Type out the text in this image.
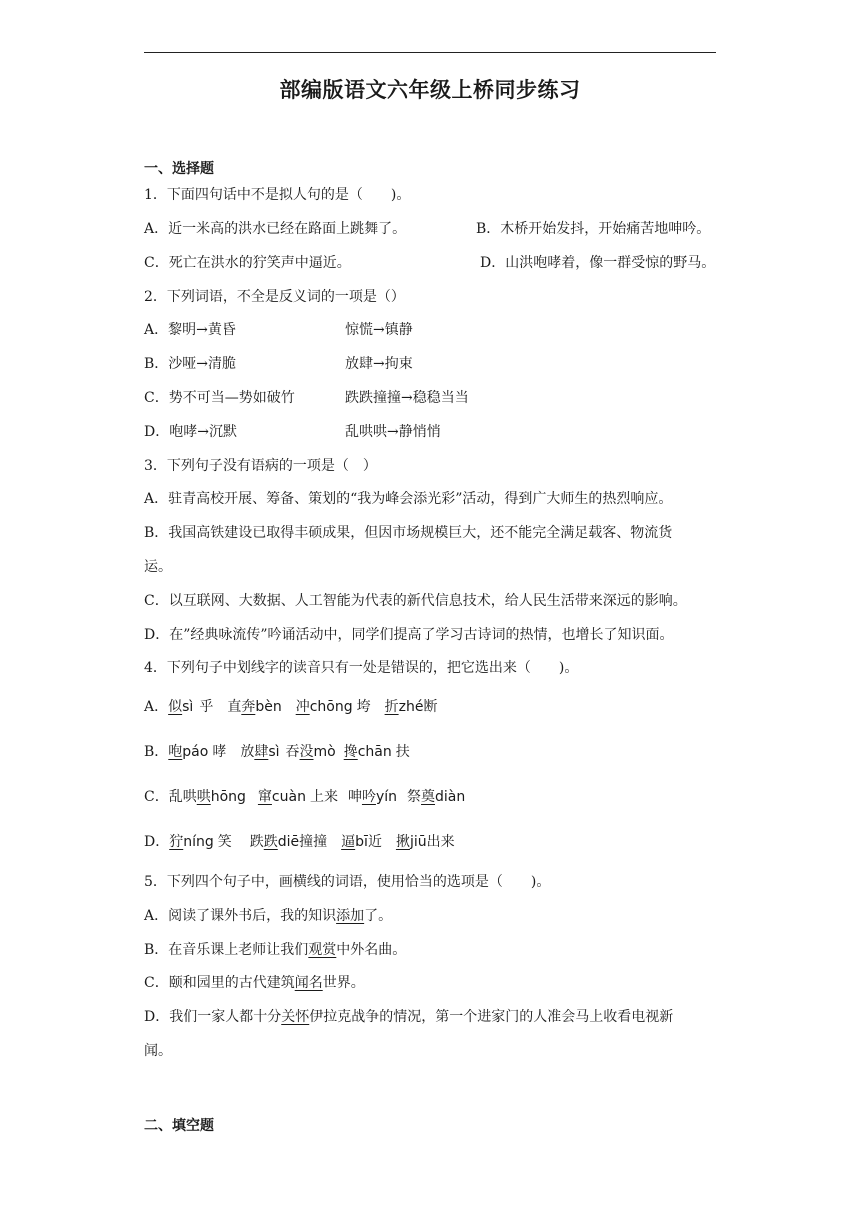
部编版语文六年级上桥同步练习
一、选择题
1．下面四句话中不是拟人句的是（　　)。
A．近一米高的洪水已经在路面上跳舞了。	B．木桥开始发抖，开始痛苦地呻吟。
C．死亡在洪水的狞笑声中逼近。	D．山洪咆哮着，像一群受惊的野马。
2．下列词语，不全是反义词的一项是（）
A．黎明→黄昏	惊慌→镇静
B．沙哑→清脆	放肆→拘束
C．势不可当—势如破竹	跌跌撞撞→稳稳当当
D．咆哮→沉默	乱哄哄→静悄悄
3．下列句子没有语病的一项是（　）
A．驻青高校开展、筹备、策划的“我为峰会添光彩”活动，得到广大师生的热烈响应。
B．我国高铁建设已取得丰硕成果，但因市场规模巨大，还不能完全满足载客、物流货
运。
C．以互联网、大数据、人工智能为代表的新代信息技术，给人民生活带来深远的影响。
D．在”经典咏流传”吟诵活动中，同学们提高了学习古诗词的热情，也增长了知识面。
4．下列句子中划线字的读音只有一处是错误的，把它选出来（　　)。
A．似sì 乎 直奔bèn 冲chōng 垮 折zhé断
B．咆páo 哮 放肆sì 吞没mò 搀chān 扶
C．乱哄哄hōng 窜cuàn 上来 呻吟yín 祭奠diàn
D．狞níng 笑 跌跌diē撞撞 逼bī近 揪jiū出来
5．下列四个句子中，画横线的词语，使用恰当的选项是（　　)。
A．阅读了课外书后，我的知识添加了。
B．在音乐课上老师让我们观赏中外名曲。
C．颐和园里的古代建筑闻名世界。
D．我们一家人都十分关怀伊拉克战争的情况，第一个进家门的人准会马上收看电视新
闻。
二、填空题
